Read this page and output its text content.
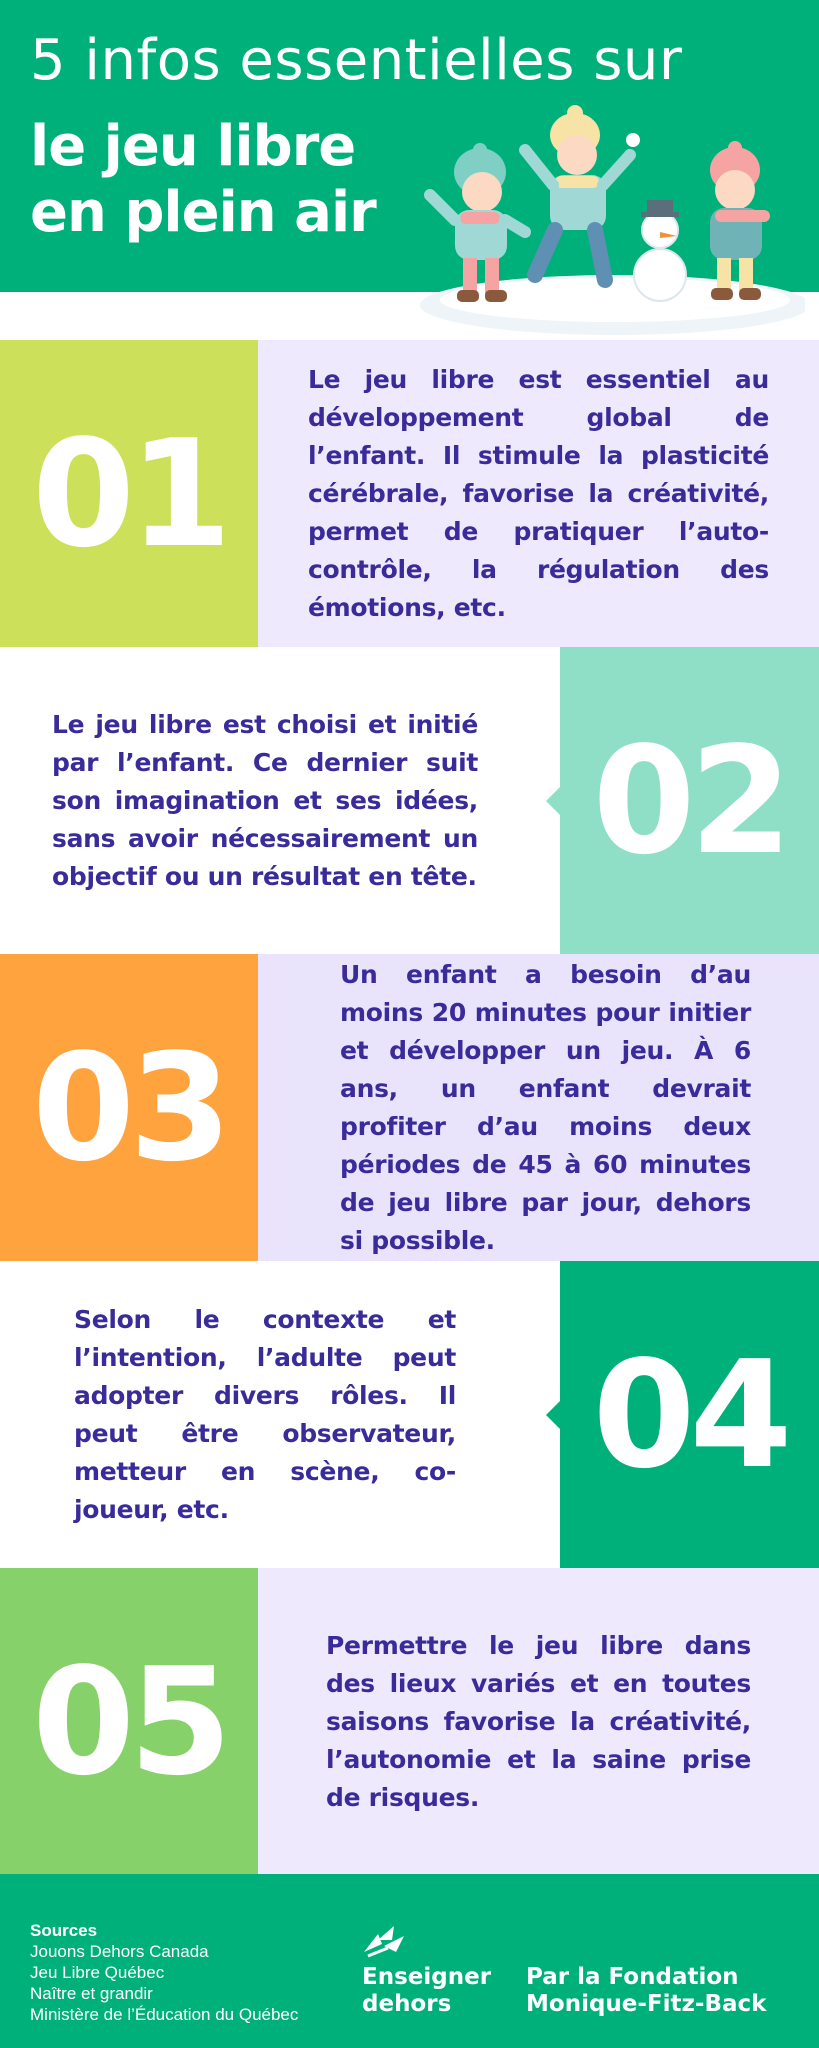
5 infos essentielles sur
le jeu libre
en plein air
01

Le jeu libre est essentiel au développement global de l’enfant. Il stimule la plasticité cérébrale, favorise la créativité, permet de pratiquer l’auto-contrôle, la régulation des émotions, etc.

Le jeu libre est choisi et initié par l’enfant. Ce dernier suit son imagination et ses idées, sans avoir nécessairement un objectif ou un résultat en tête. 02
03

Un enfant a besoin d’au moins 20 minutes pour initier et développer un jeu. À 6 ans, un enfant devrait profiter d’au moins deux périodes de 45 à 60 minutes de jeu libre par jour, dehors si possible.

Selon le contexte et l’intention, l’adulte peut adopter divers rôles. Il peut être observateur, metteur en scène, co-joueur, etc.

04
05	Permettre le jeu libre dans des lieux variés et en toutes saisons favorise la créativité, l’autonomie et la saine prise de risques.

Sources
Jouons Dehors Canada
Jeu Libre Québec
Naître et grandir
Ministère de l’Éducation du Québec
Enseigner
dehors
Par la Fondation
Monique-Fitz-Back
